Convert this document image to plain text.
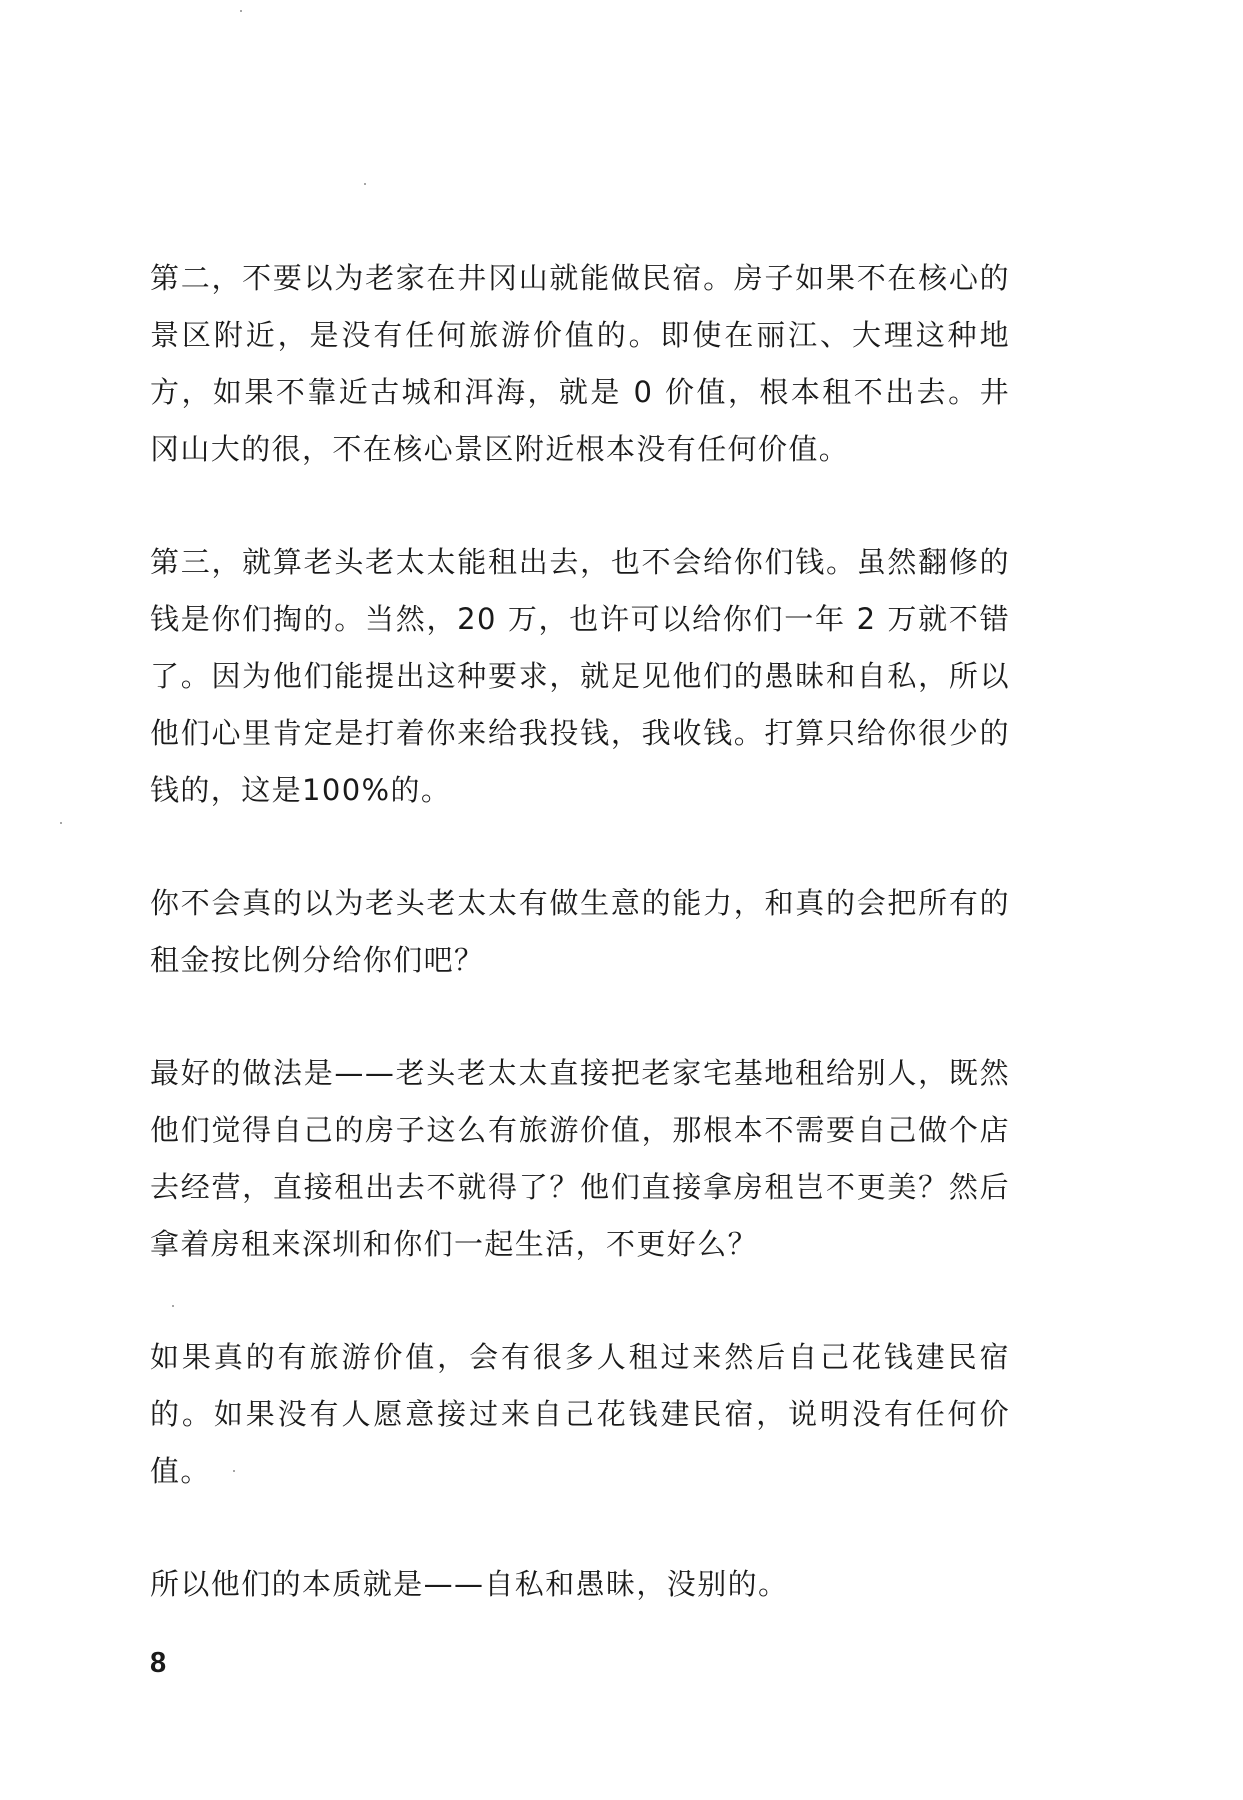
第二，不要以为老家在井冈山就能做民宿。房子如果不在核心的景区附近，是没有任何旅游价值的。即使在丽江、大理这种地方，如果不靠近古城和洱海，就是 0 价值，根本租不出去。井冈山大的很，不在核心景区附近根本没有任何价值。

第三，就算老头老太太能租出去，也不会给你们钱。虽然翻修的钱是你们掏的。当然，20 万，也许可以给你们一年 2 万就不错了。因为他们能提出这种要求，就足见他们的愚昧和自私，所以他们心里肯定是打着你来给我投钱，我收钱。打算只给你很少的钱的，这是100%的。

你不会真的以为老头老太太有做生意的能力，和真的会把所有的租金按比例分给你们吧？

最好的做法是——老头老太太直接把老家宅基地租给别人，既然他们觉得自己的房子这么有旅游价值，那根本不需要自己做个店去经营，直接租出去不就得了？他们直接拿房租岂不更美？然后拿着房租来深圳和你们一起生活，不更好么？

如果真的有旅游价值，会有很多人租过来然后自己花钱建民宿的。如果没有人愿意接过来自己花钱建民宿，说明没有任何价值。

所以他们的本质就是——自私和愚昧，没别的。

8
